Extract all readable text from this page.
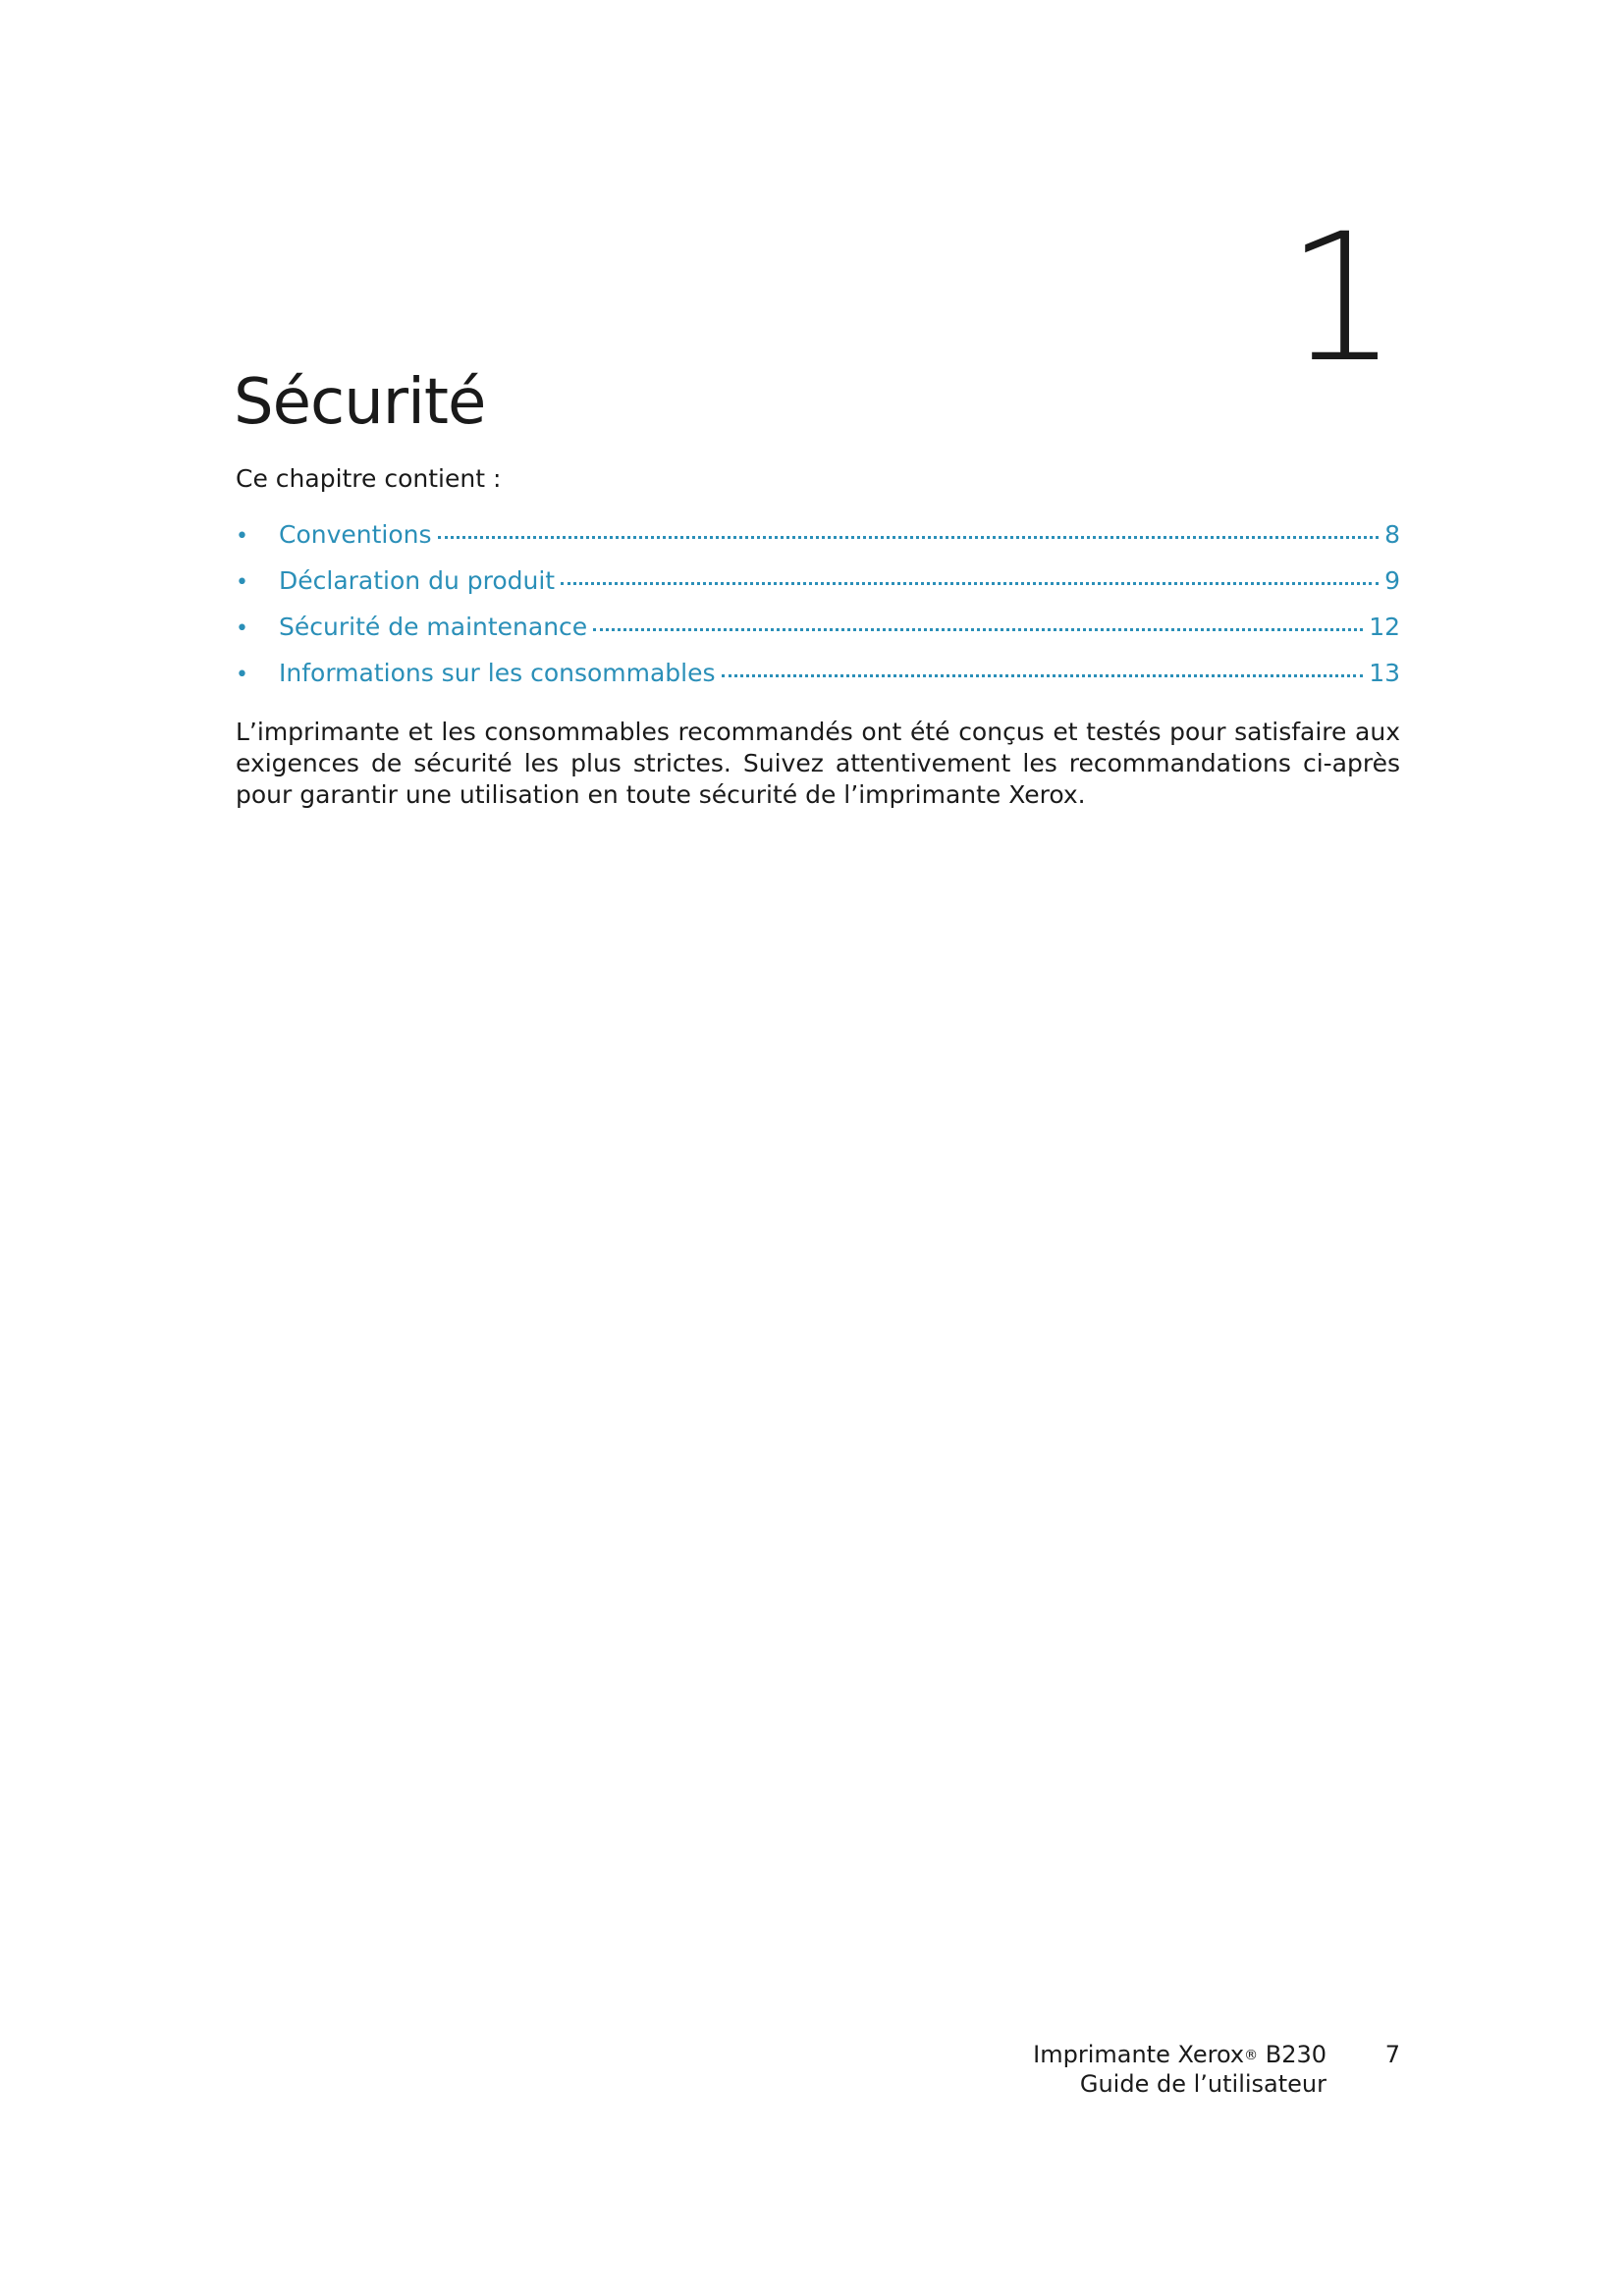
1
Sécurité

Ce chapitre contient :

•	Conventions	8
•	Déclaration du produit	9
•	Sécurité de maintenance	12
•	Informations sur les consommables	13

L’imprimante et les consommables recommandés ont été conçus et testés pour satisfaire aux exigences de sécurité les plus strictes. Suivez attentivement les recommandations ci-après pour garantir une utilisation en toute sécurité de l’imprimante Xerox.

Imprimante Xerox® B230
Guide de l’utilisateur
7
